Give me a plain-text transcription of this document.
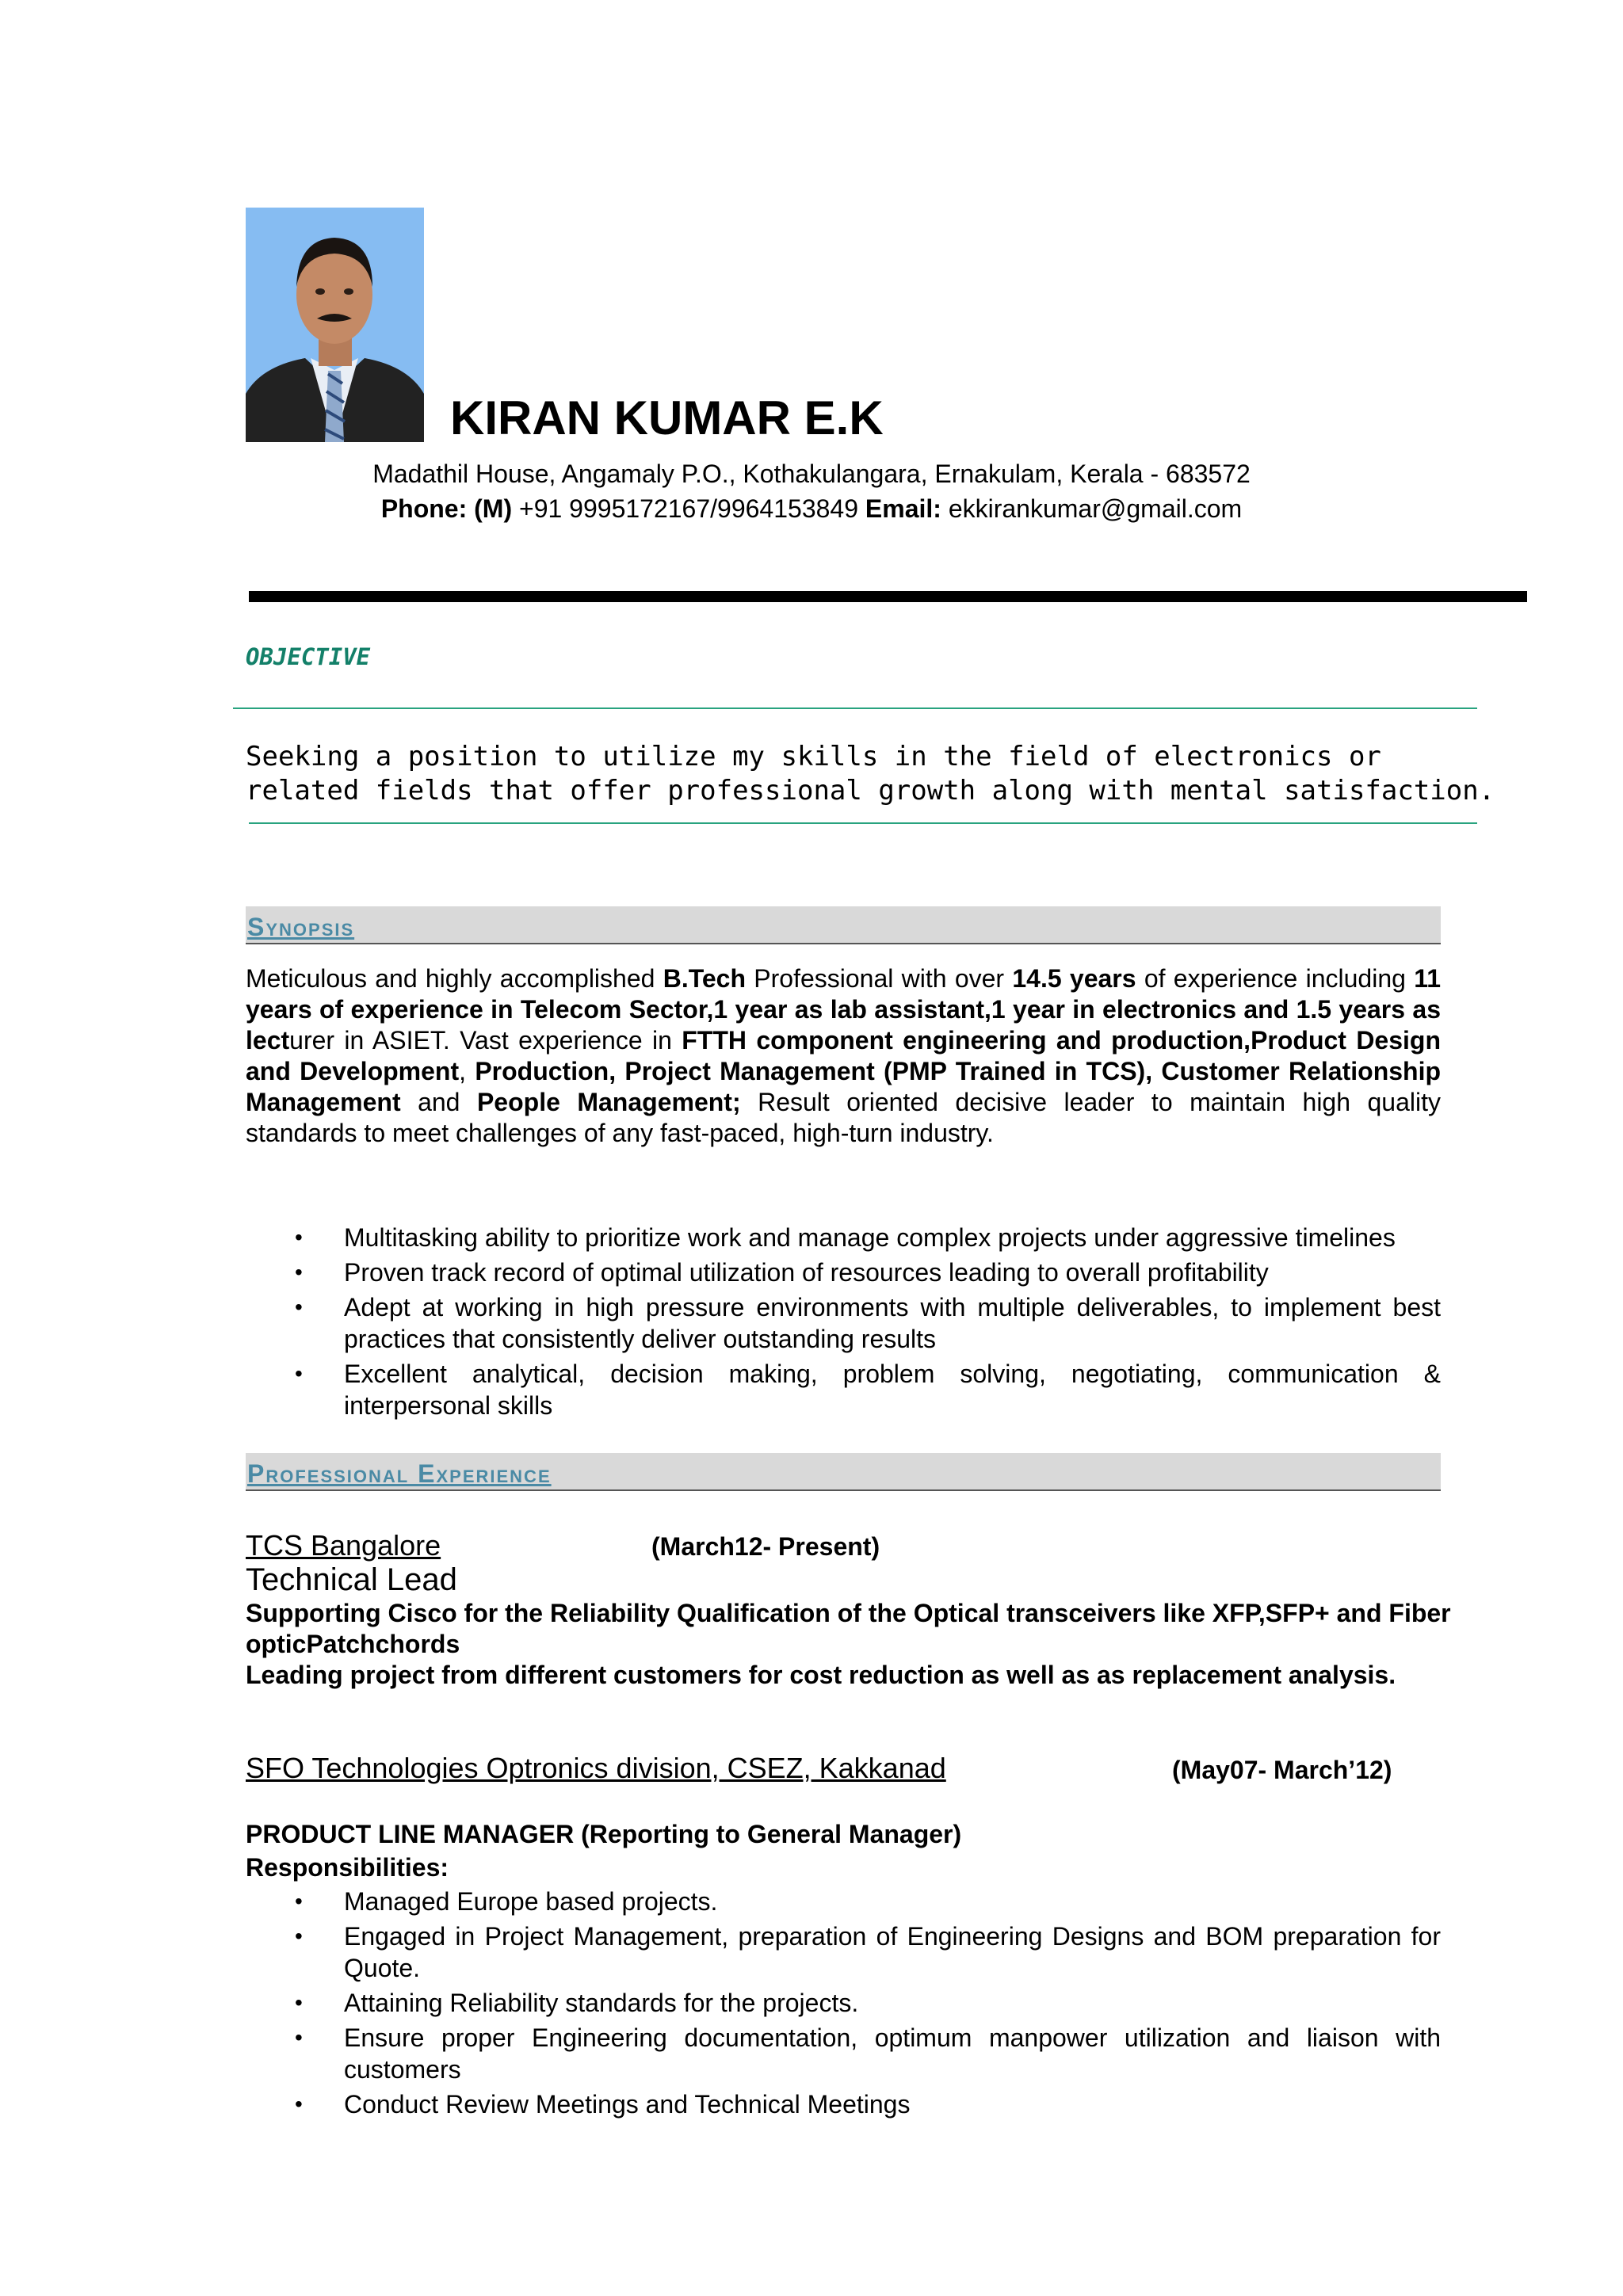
KIRAN KUMAR E.K
Madathil House, Angamaly P.O., Kothakulangara, Ernakulam, Kerala - 683572
Phone: (M) +91 9995172167/9964153849 Email: ekkirankumar@gmail.com
OBJECTIVE
Seeking a position to utilize my skills in the field of electronics or related fields that offer professional growth along with mental satisfaction.
Synopsis
Meticulous and highly accomplished B.Tech Professional with over 14.5 years of experience including 11 years of experience in Telecom Sector,1 year as lab assistant,1 year in electronics and 1.5 years as lecturer in ASIET. Vast experience in FTTH component engineering and production,Product Design and Development, Production, Project Management (PMP Trained in TCS), Customer Relationship Management and People Management; Result oriented decisive leader to maintain high quality standards to meet challenges of any fast-paced, high-turn industry.
• Multitasking ability to prioritize work and manage complex projects under aggressive timelines
• Proven track record of optimal utilization of resources leading to overall profitability
• Adept at working in high pressure environments with multiple deliverables, to implement best practices that consistently deliver outstanding results
• Excellent analytical, decision making, problem solving, negotiating, communication & interpersonal skills
Professional Experience
TCS Bangalore	(March12- Present)
Technical Lead
Supporting Cisco for the Reliability Qualification of the Optical transceivers like XFP,SFP+ and Fiber opticPatchchords
Leading project from different customers for cost reduction as well as as replacement analysis.
SFO Technologies Optronics division, CSEZ, Kakkanad	(May07- March’12)
PRODUCT LINE MANAGER (Reporting to General Manager)
Responsibilities:
• Managed Europe based projects.
• Engaged in Project Management, preparation of Engineering Designs and BOM preparation for Quote.
• Attaining Reliability standards for the projects.
• Ensure proper Engineering documentation, optimum manpower utilization and liaison with customers
• Conduct Review Meetings and Technical Meetings
